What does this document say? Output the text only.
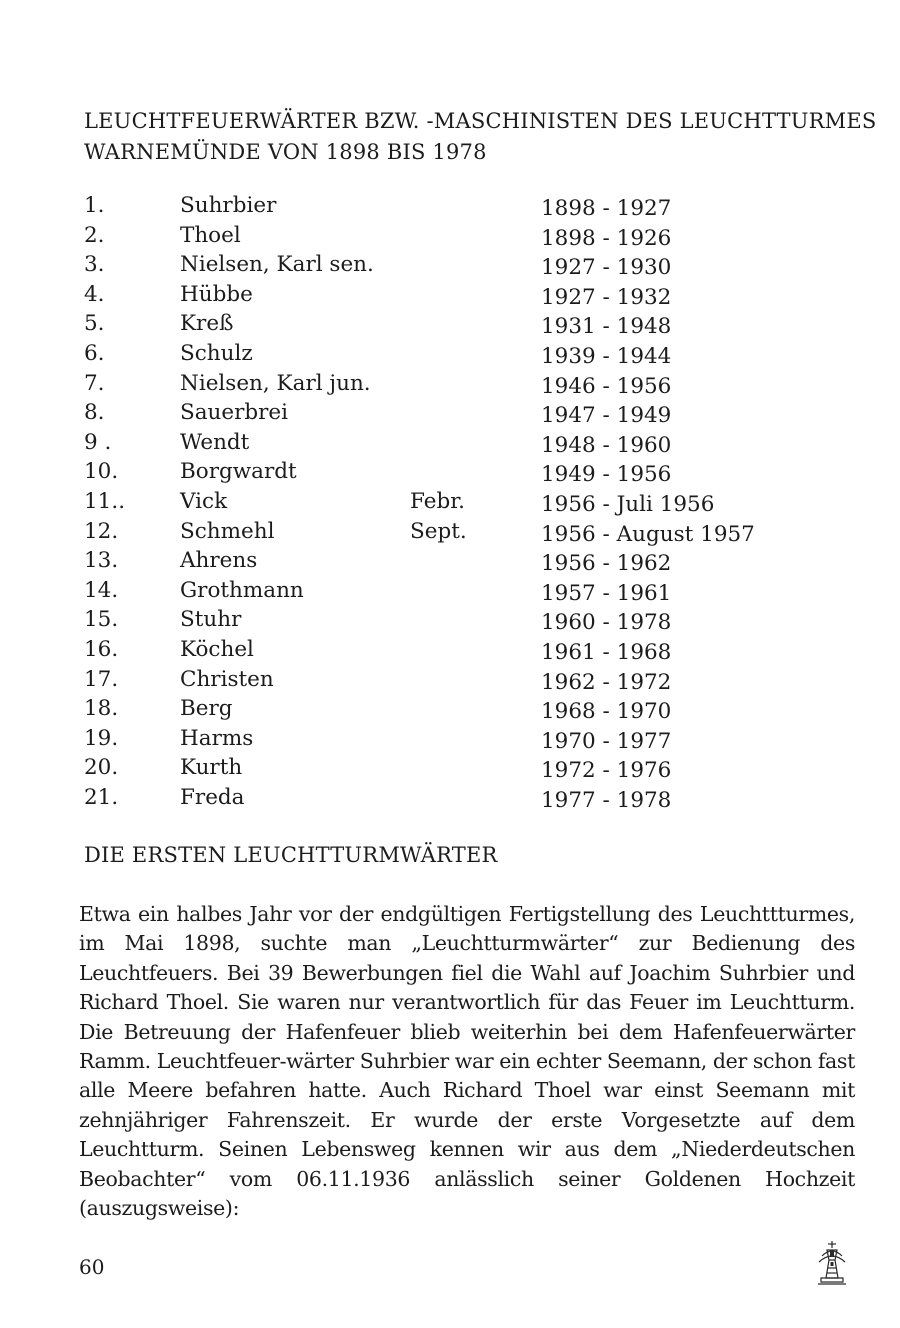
LEUCHTFEUERWÄRTER BZW. -MASCHINISTEN DES LEUCHTTURMES
WARNEMÜNDE VON 1898 BIS 1978
1.	Suhrbier	1898 - 1927
2.	Thoel	1898 - 1926
3.	Nielsen, Karl sen.	1927 - 1930
4.	Hübbe	1927 - 1932
5.	Kreß	1931 - 1948
6.	Schulz	1939 - 1944
7.	Nielsen, Karl jun.	1946 - 1956
8.	Sauerbrei	1947 - 1949
9 .	Wendt	1948 - 1960
10.	Borgwardt	1949 - 1956
11..	Vick	Febr.	1956 - Juli 1956
12.	Schmehl	Sept.	1956 - August 1957
13.	Ahrens	1956 - 1962
14.	Grothmann	1957 - 1961
15.	Stuhr	1960 - 1978
16.	Köchel	1961 - 1968
17.	Christen	1962 - 1972
18.	Berg	1968 - 1970
19.	Harms	1970 - 1977
20.	Kurth	1972 - 1976
21.	Freda	1977 - 1978
DIE ERSTEN LEUCHTTURMWÄRTER

Etwa ein halbes Jahr vor der endgültigen Fertigstellung des Leuchttturmes, im Mai 1898, suchte man „Leuchtturmwärter“ zur Bedienung des Leuchtfeuers. Bei 39 Bewerbungen fiel die Wahl auf Joachim Suhrbier und Richard Thoel. Sie waren nur verantwortlich für das Feuer im Leuchtturm. Die Betreuung der Hafenfeuer blieb weiterhin bei dem Hafenfeuerwärter Ramm. Leuchtfeuer-wärter Suhrbier war ein echter Seemann, der schon fast alle Meere befahren hatte. Auch Richard Thoel war einst Seemann mit zehnjähriger Fahrenszeit. Er wurde der erste Vorgesetzte auf dem Leuchtturm. Seinen Lebensweg kennen wir aus dem „Niederdeutschen Beobachter“ vom 06.11.1936 anlässlich seiner Goldenen Hochzeit (auszugsweise):

60
